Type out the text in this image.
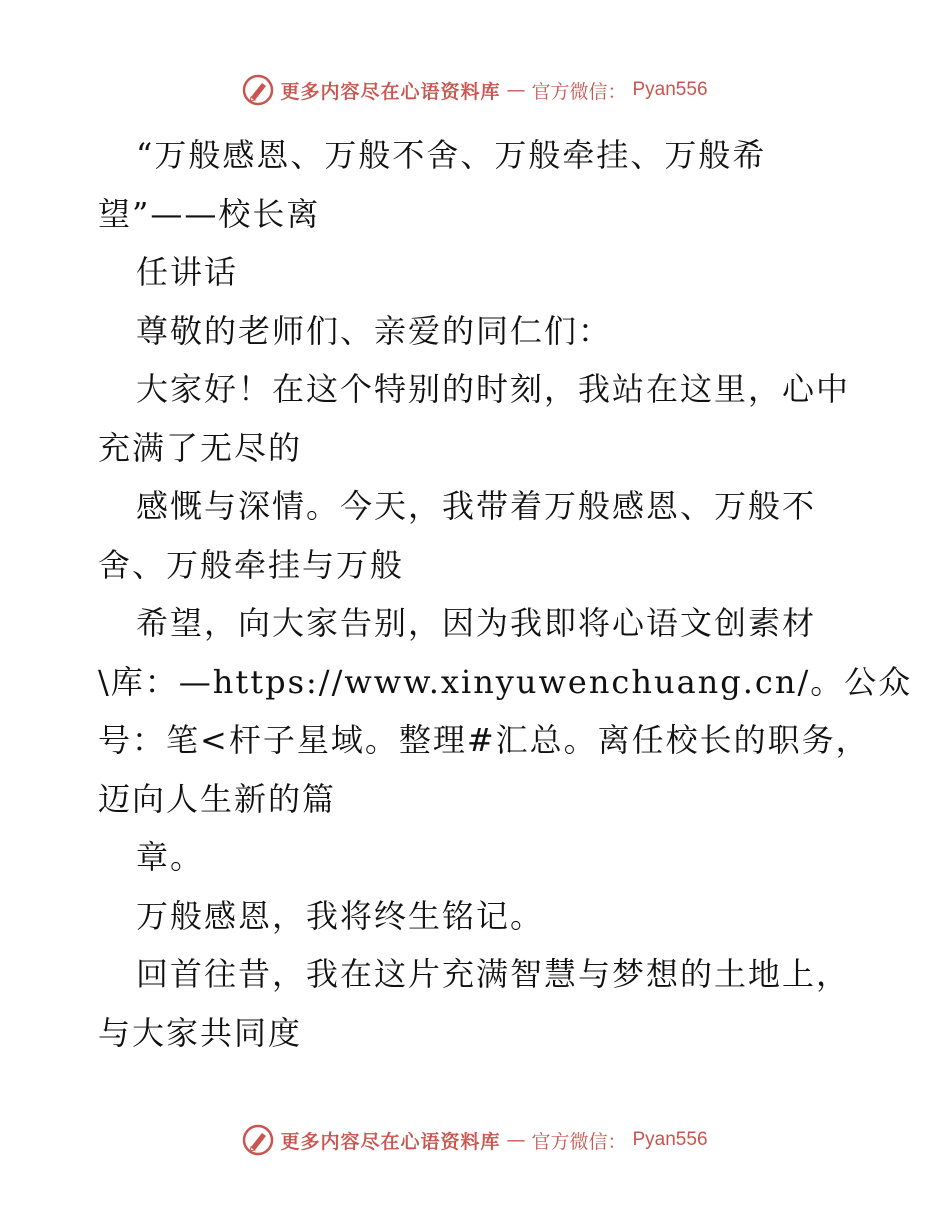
更多内容尽在心语资料库 — 官方微信： Pyan556
“万般感恩、万般不舍、万般牵挂、万般希
望”——校长离
任讲话
尊敬的老师们、亲爱的同仁们：
大家好！在这个特别的时刻，我站在这里，心中
充满了无尽的
感慨与深情。今天，我带着万般感恩、万般不
舍、万般牵挂与万般
希望，向大家告别，因为我即将心语文创素材
\库：—https://www.xinyuwenchuang.cn/。公众
号：笔<杆子星域。整理#汇总。离任校长的职务，
迈向人生新的篇
章。
万般感恩，我将终生铭记。
回首往昔，我在这片充满智慧与梦想的土地上，
与大家共同度
更多内容尽在心语资料库 — 官方微信： Pyan556
